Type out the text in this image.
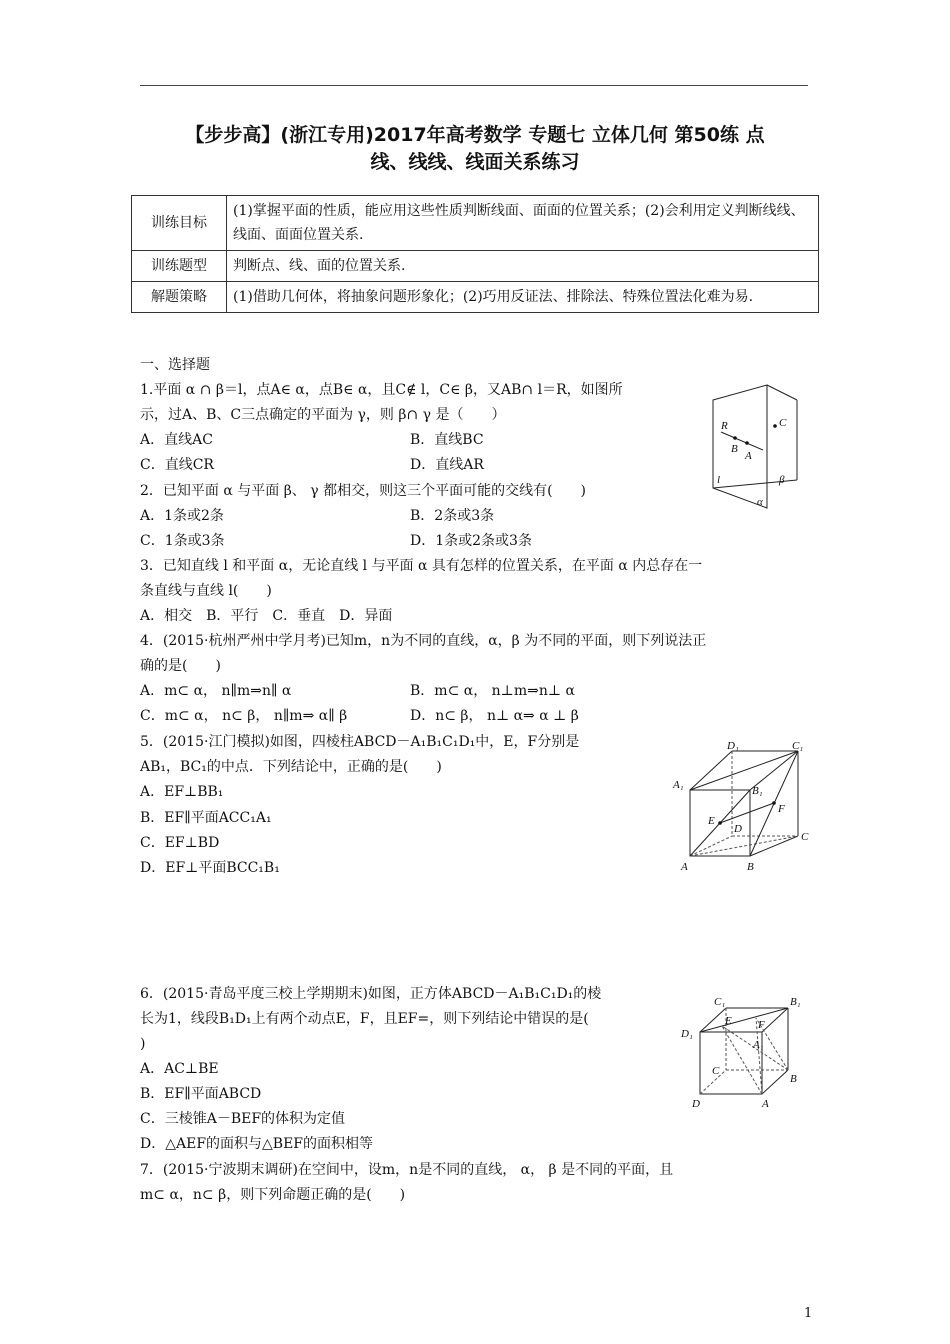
【步步高】(浙江专用)2017年高考数学 专题七 立体几何 第50练 点
线、线线、线面关系练习
训练目标	(1)掌握平面的性质，能应用这些性质判断线面、面面的位置关系；(2)会利用定义判断线线、线面、面面位置关系.
训练题型	判断点、线、面的位置关系.
解题策略	(1)借助几何体，将抽象问题形象化；(2)巧用反证法、排除法、特殊位置法化难为易.
一、选择题
1.平面 α ∩ β＝l，点A∈ α，点B∈ α，且C∉ l，C∈ β，又AB∩ l＝R，如图所
示，过A、B、C三点确定的平面为 γ，则 β∩ γ 是（　　）
A．直线AC	B．直线BC
C．直线CR	D．直线AR
2．已知平面 α 与平面 β、 γ 都相交，则这三个平面可能的交线有(　　)
A．1条或2条	B．2条或3条
C．1条或3条	D．1条或2条或3条
3．已知直线 l 和平面 α，无论直线 l 与平面 α 具有怎样的位置关系，在平面 α 内总存在一
条直线与直线 l(　　)
A．相交　B．平行　C．垂直　D．异面
4．(2015·杭州严州中学月考)已知m，n为不同的直线，α，β 为不同的平面，则下列说法正
确的是(　　)
A．m⊂ α， n∥m⇒n∥ α	B．m⊂ α， n⊥m⇒n⊥ α
C．m⊂ α， n⊂ β， n∥m⇒ α∥ β	D．n⊂ β， n⊥ α⇒ α ⊥ β
5．(2015·江门模拟)如图，四棱柱ABCD－A₁B₁C₁D₁中，E，F分别是
AB₁，BC₁的中点．下列结论中，正确的是(　　)
A．EF⊥BB₁
B．EF∥平面ACC₁A₁
C．EF⊥BD
D．EF⊥平面BCC₁B₁
6．(2015·青岛平度三校上学期期末)如图，正方体ABCD－A₁B₁C₁D₁的棱
长为1，线段B₁D₁上有两个动点E，F，且EF=，则下列结论中错误的是(
)
A．AC⊥BE
B．EF∥平面ABCD
C．三棱锥A－BEF的体积为定值
D．△AEF的面积与△BEF的面积相等
7．(2015·宁波期末调研)在空间中，设m，n是不同的直线， α， β 是不同的平面，且
m⊂ α，n⊂ β，则下列命题正确的是(　　)
R	C
B
A
l	β
α
D₁	C₁
A₁	B₁
F
E
D
C
A	B
C₁	B₁
E F
D₁
A₁
C
B
D	A
1
